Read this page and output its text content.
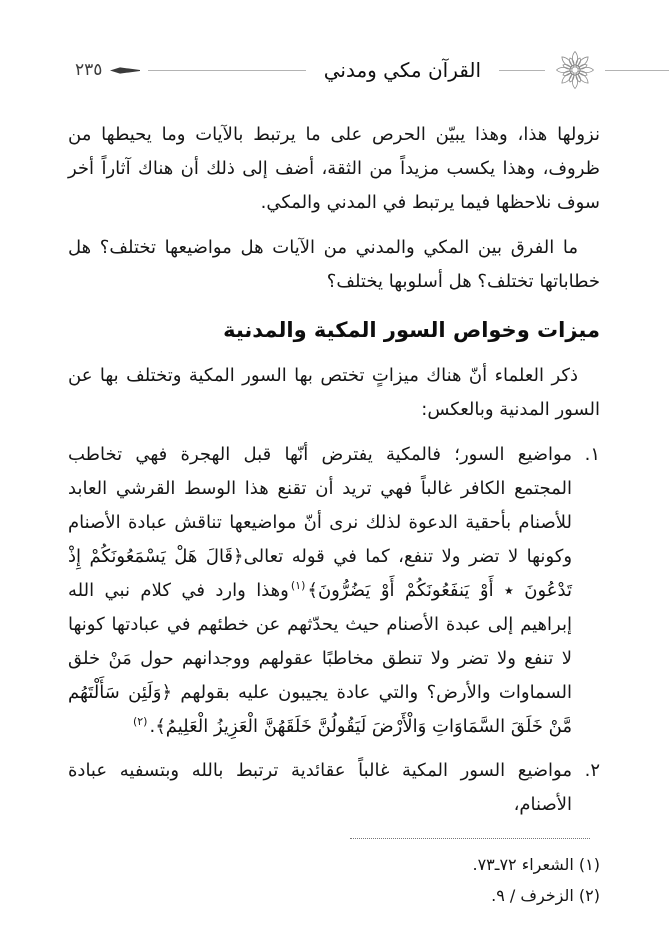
٢٣٥	القرآن مكي ومدني

نزولها هذا، وهذا يبيّن الحرص على ما يرتبط بالآيات وما يحيطها من ظروف، وهذا يكسب مزيداً من الثقة، أضف إلى ذلك أن هناك آثاراً أخر سوف نلاحظها فيما يرتبط في المدني والمكي.

ما الفرق بين المكي والمدني من الآيات هل مواضيعها تختلف؟ هل خطاباتها تختلف؟ هل أسلوبها يختلف؟

ميزات وخواص السور المكية والمدنية

ذكر العلماء أنّ هناك ميزاتٍ تختص بها السور المكية وتختلف بها عن السور المدنية وبالعكس:

١.
مواضيع السور؛ فالمكية يفترض أنّها قبل الهجرة فهي تخاطب المجتمع الكافر غالباً فهي تريد أن تقنع هذا الوسط القرشي العابد للأصنام بأحقية الدعوة لذلك نرى أنّ مواضيعها تناقش عبادة الأصنام وكونها لا تضر ولا تنفع، كما في قوله تعالى﴿قَالَ هَلْ يَسْمَعُونَكُمْ إِذْ تَدْعُونَ ٭ أَوْ يَنفَعُونَكُمْ أَوْ يَضُرُّونَ﴾$^{(١)}$وهذا وارد في كلام نبي الله إبراهيم إلى عبدة الأصنام حيث يحدّثهم عن خطئهم في عبادتها كونها لا تنفع ولا تضر ولا تنطق مخاطبًا عقولهم ووجدانهم حول مَنْ خلق السماوات والأرض؟ والتي عادة يجيبون عليه بقولهم ﴿وَلَئِن سَأَلْتَهُم مَّنْ خَلَقَ السَّمَاوَاتِ وَالْأَرْضَ لَيَقُولُنَّ خَلَقَهُنَّ الْعَزِيزُ الْعَلِيمُ﴾.$^{(٢)}$
٢.
مواضيع السور المكية غالباً عقائدية ترتبط بالله وبتسفيه عبادة الأصنام،
(١) الشعراء ٧٢ـ٧٣.
(٢) الزخرف / ٩.
